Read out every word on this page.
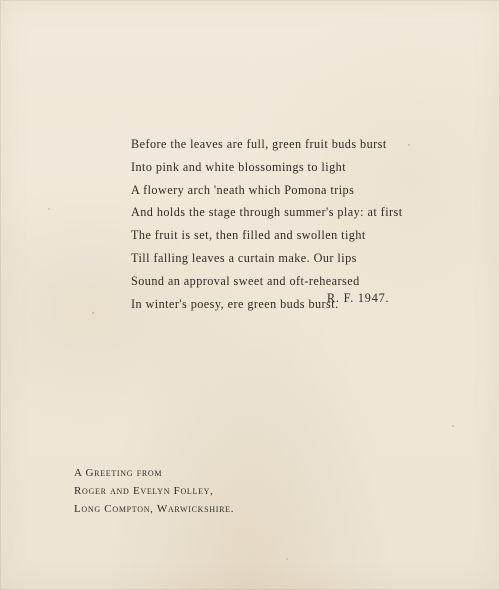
Before the leaves are full, green fruit buds burst
Into pink and white blossomings to light
A flowery arch 'neath which Pomona trips
And holds the stage through summer's play: at first
The fruit is set, then filled and swollen tight
Till falling leaves a curtain make. Our lips
Sound an approval sweet and oft-rehearsed
In winter's poesy, ere green buds burst.
R. F. 1947.
A Greeting from
Roger and Evelyn Folley,
Long Compton, Warwickshire.
